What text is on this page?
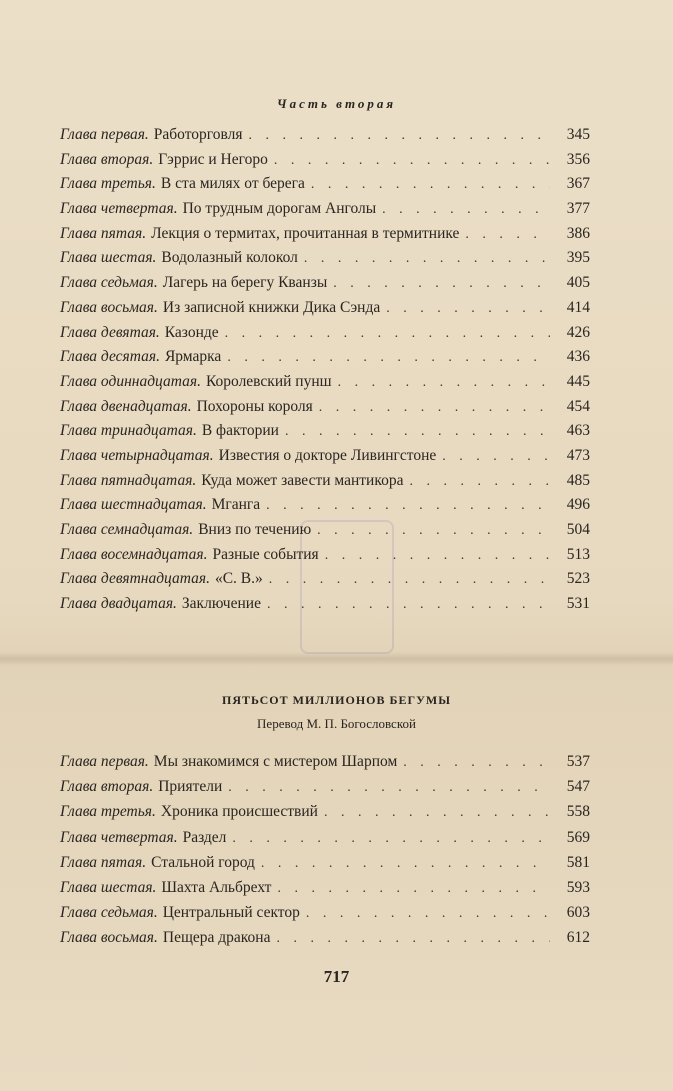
Часть вторая
Глава первая. Работорговля . . .	345
Глава вторая. Гэррис и Негоро . . .	356
Глава третья. В ста милях от берега . . .	367
Глава четвертая. По трудным дорогам Анголы . . .	377
Глава пятая. Лекция о термитах, прочитанная в термитнике . . .	386
Глава шестая. Водолазный колокол . . .	395
Глава седьмая. Лагерь на берегу Кванзы . . .	405
Глава восьмая. Из записной книжки Дика Сэнда . . .	414
Глава девятая. Казонде . . .	426
Глава десятая. Ярмарка . . .	436
Глава одиннадцатая. Королевский пунш . . .	445
Глава двенадцатая. Похороны короля . . .	454
Глава тринадцатая. В фактории . . .	463
Глава четырнадцатая. Известия о докторе Ливингстоне . . .	473
Глава пятнадцатая. Куда может завести мантикора . . .	485
Глава шестнадцатая. Мганга . . .	496
Глава семнадцатая. Вниз по течению . . .	504
Глава восемнадцатая. Разные события . . .	513
Глава девятнадцатая. «С. В.» . . .	523
Глава двадцатая. Заключение . . .	531
ПЯТЬСОТ МИЛЛИОНОВ БЕГУМЫ
Перевод М. П. Богословской
Глава первая. Мы знакомимся с мистером Шарпом . . .	537
Глава вторая. Приятели . . .	547
Глава третья. Хроника происшествий . . .	558
Глава четвертая. Раздел . . .	569
Глава пятая. Стальной город . . .	581
Глава шестая. Шахта Альбрехт . . .	593
Глава седьмая. Центральный сектор . . .	603
Глава восьмая. Пещера дракона . . .	612
717
